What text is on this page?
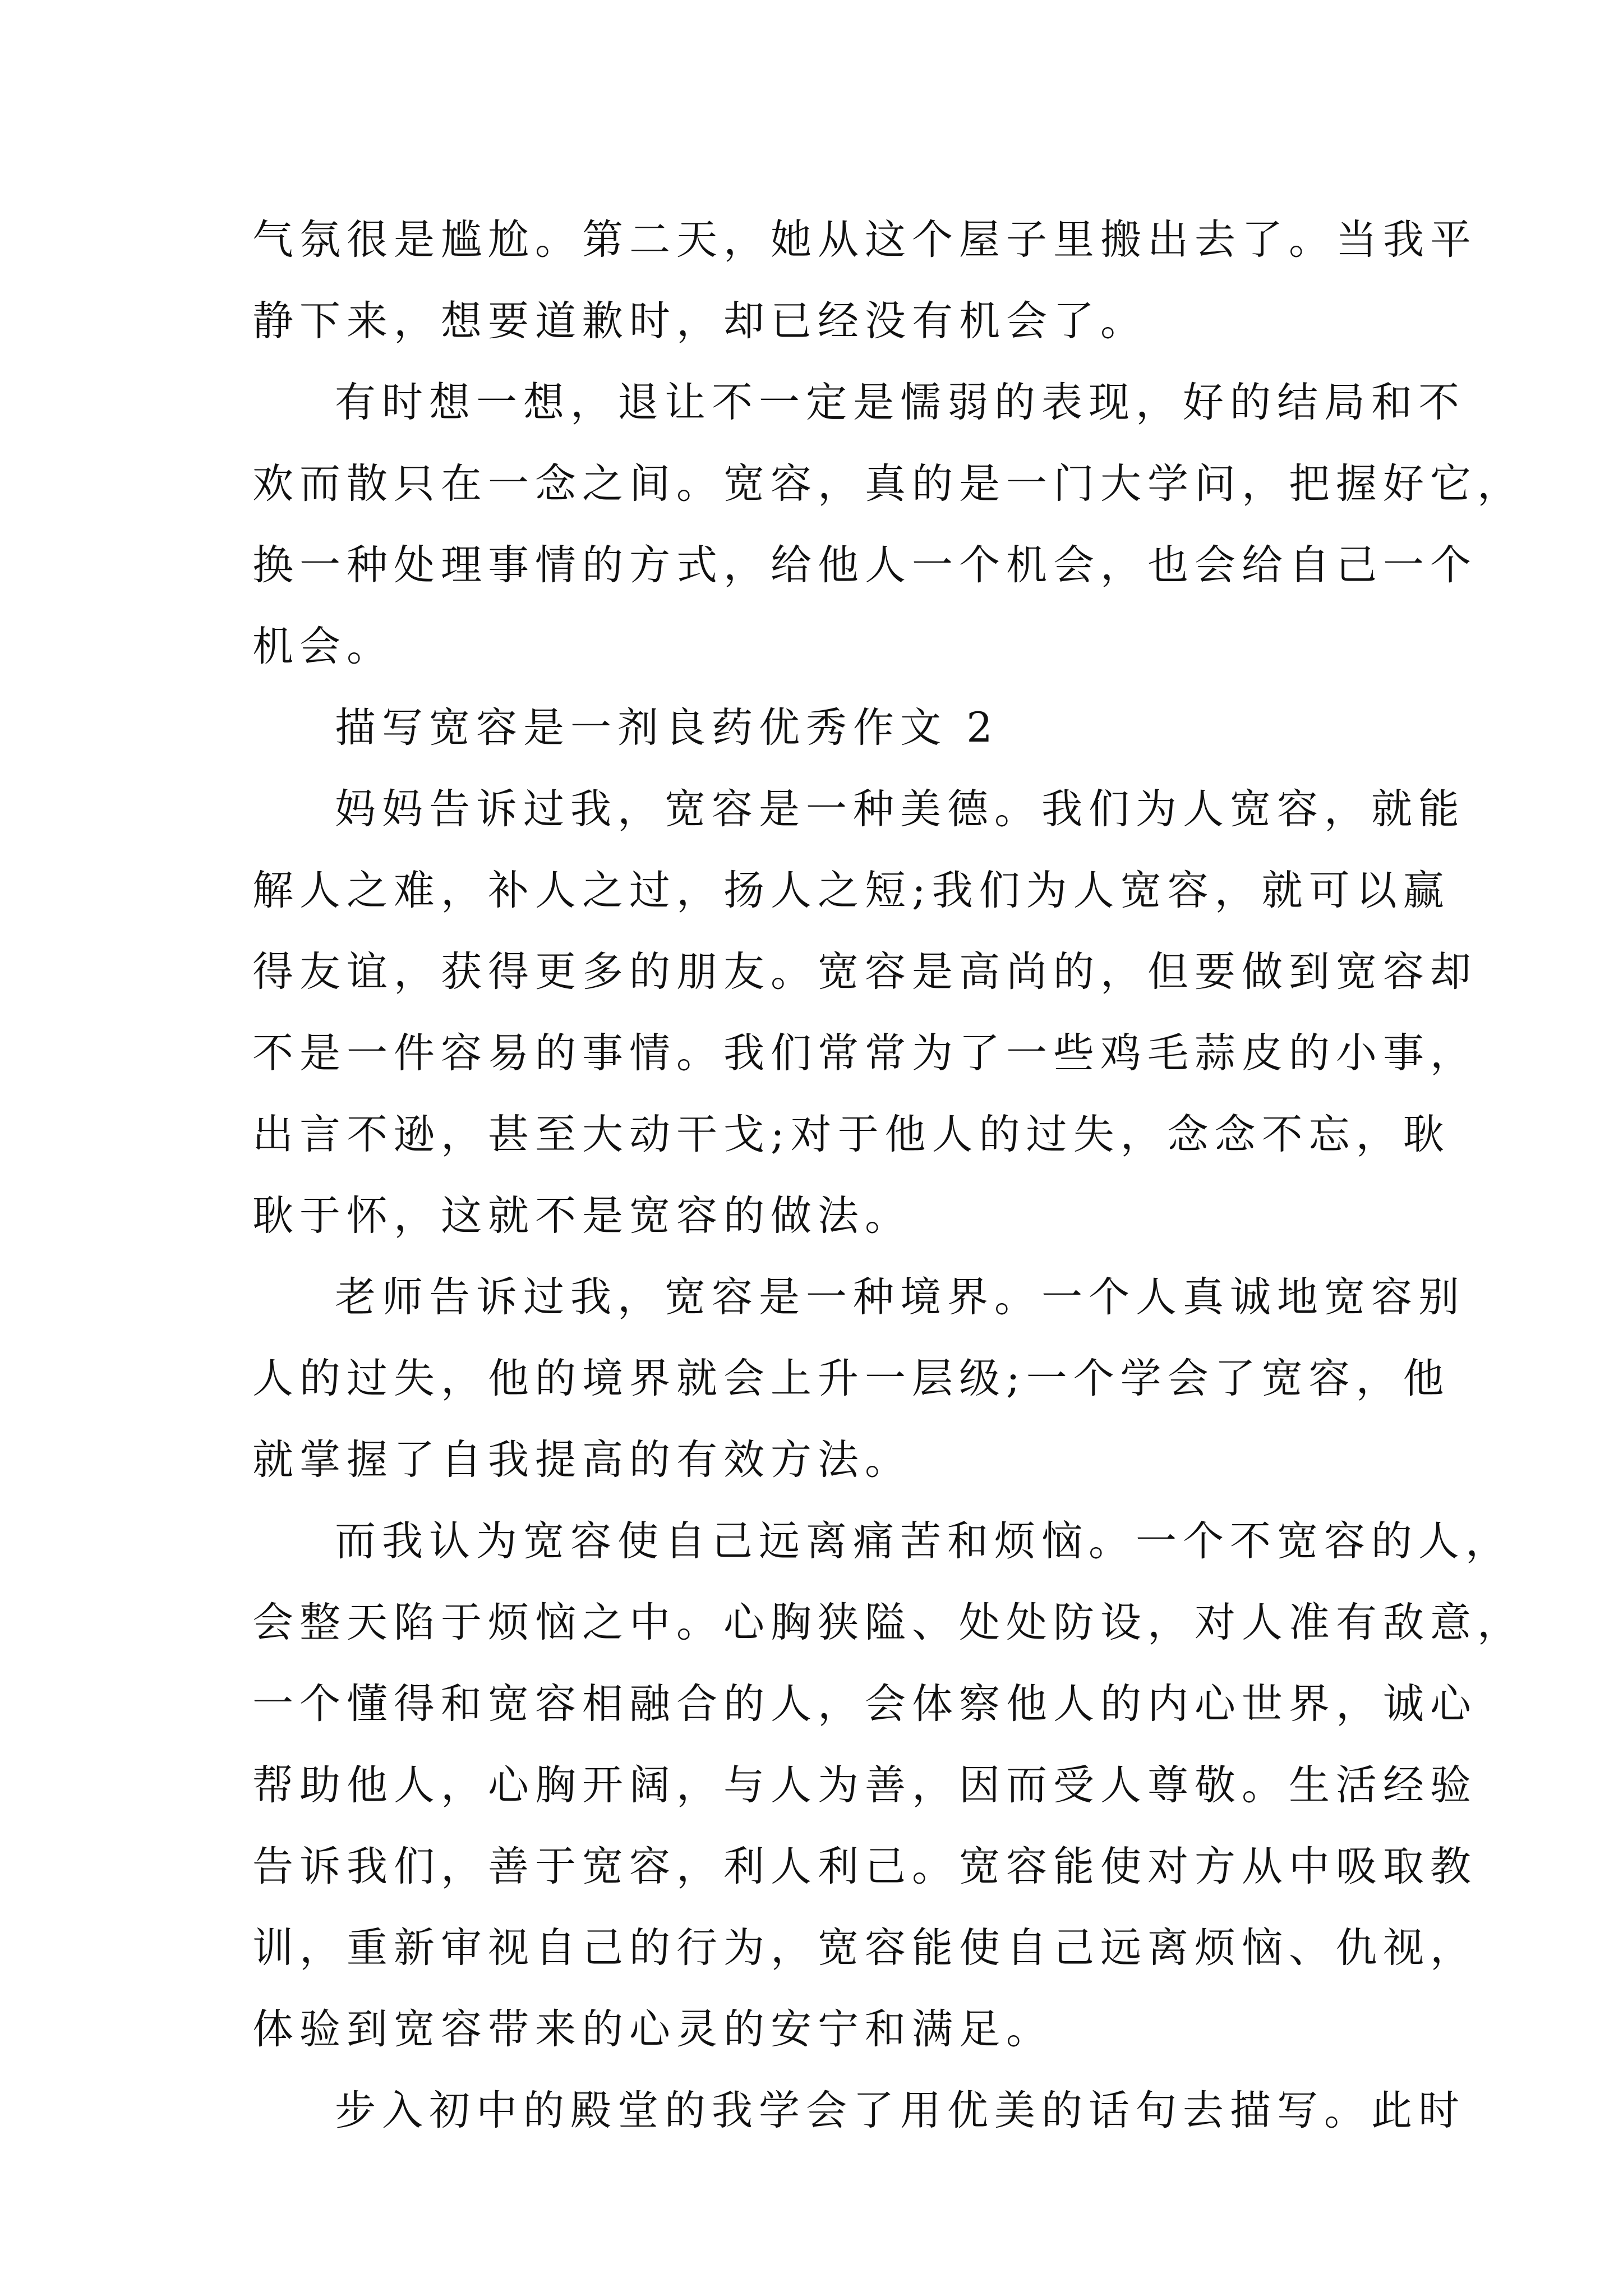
气氛很是尴尬。第二天，她从这个屋子里搬出去了。当我平
静下来，想要道歉时，却已经没有机会了。
有时想一想，退让不一定是懦弱的表现，好的结局和不
欢而散只在一念之间。宽容，真的是一门大学问，把握好它，
换一种处理事情的方式，给他人一个机会，也会给自己一个
机会。
描写宽容是一剂良药优秀作文 2
妈妈告诉过我，宽容是一种美德。我们为人宽容，就能
解人之难，补人之过，扬人之短;我们为人宽容，就可以赢
得友谊，获得更多的朋友。宽容是高尚的，但要做到宽容却
不是一件容易的事情。我们常常为了一些鸡毛蒜皮的小事，
出言不逊，甚至大动干戈;对于他人的过失，念念不忘，耿
耿于怀，这就不是宽容的做法。
老师告诉过我，宽容是一种境界。一个人真诚地宽容别
人的过失，他的境界就会上升一层级;一个学会了宽容，他
就掌握了自我提高的有效方法。
而我认为宽容使自己远离痛苦和烦恼。一个不宽容的人，
会整天陷于烦恼之中。心胸狭隘、处处防设，对人准有敌意，
一个懂得和宽容相融合的人，会体察他人的内心世界，诚心
帮助他人，心胸开阔，与人为善，因而受人尊敬。生活经验
告诉我们，善于宽容，利人利己。宽容能使对方从中吸取教
训，重新审视自己的行为，宽容能使自己远离烦恼、仇视，
体验到宽容带来的心灵的安宁和满足。
步入初中的殿堂的我学会了用优美的话句去描写。此时
